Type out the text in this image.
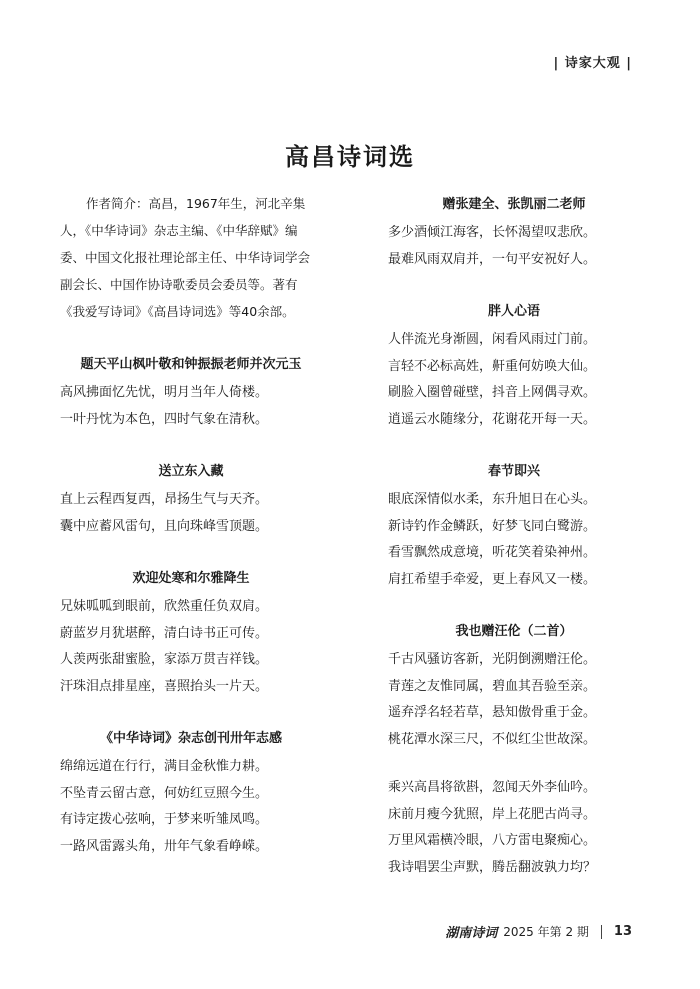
| 诗家大观 |
高昌诗词选

作者简介：高昌，1967年生，河北辛集人，《中华诗词》杂志主编、《中华辞赋》编委、中国文化报社理论部主任、中华诗词学会副会长、中国作协诗歌委员会委员等。著有《我爱写诗词》《高昌诗词选》等40余部。

题天平山枫叶敬和钟振振老师并次元玉

高风拂面忆先忧，明月当年人倚楼。

一叶丹忱为本色，四时气象在清秋。

送立东入藏

直上云程西复西，昂扬生气与天齐。

囊中应蓄风雷句，且向珠峰雪顶题。

欢迎处寒和尔雅降生

兄妹呱呱到眼前，欣然重任负双肩。

蔚蓝岁月犹堪醉，清白诗书正可传。

人羡两张甜蜜脸，家添万贯吉祥钱。

汗珠泪点排星座，喜照抬头一片天。

《中华诗词》杂志创刊卅年志感

绵绵远道在行行，满目金秋惟力耕。

不坠青云留古意，何妨红豆照今生。

有诗定拨心弦响，于梦来听雏凤鸣。

一路风雷露头角，卅年气象看峥嵘。

赠张建全、张凯丽二老师

多少酒倾江海客，长怀渴望叹悲欣。

最难风雨双肩并，一句平安祝好人。

胖人心语

人伴流光身渐圆，闲看风雨过门前。

言轻不必标高姓，鼾重何妨唤大仙。

刷脸入圈曾碰壁，抖音上网偶寻欢。

逍遥云水随缘分，花谢花开每一天。

春节即兴

眼底深情似水柔，东升旭日在心头。

新诗钓作金鳞跃，好梦飞同白鹭游。

看雪飘然成意境，听花笑着染神州。

肩扛希望手牵爱，更上春风又一楼。

我也赠汪伦（二首）

千古风骚访客新，光阴倒溯赠汪伦。

青莲之友惟同属，碧血其吾验至亲。

遥弃浮名轻若草，悬知傲骨重于金。

桃花潭水深三尺，不似红尘世故深。

乘兴高昌将欲斟，忽闻天外李仙吟。

床前月瘦今犹照，岸上花肥古尚寻。

万里风霜横冷眼，八方雷电聚痴心。

我诗唱罢尘声默，腾岳翻波孰力均？

湖南诗词 2025 年第 2 期 13
